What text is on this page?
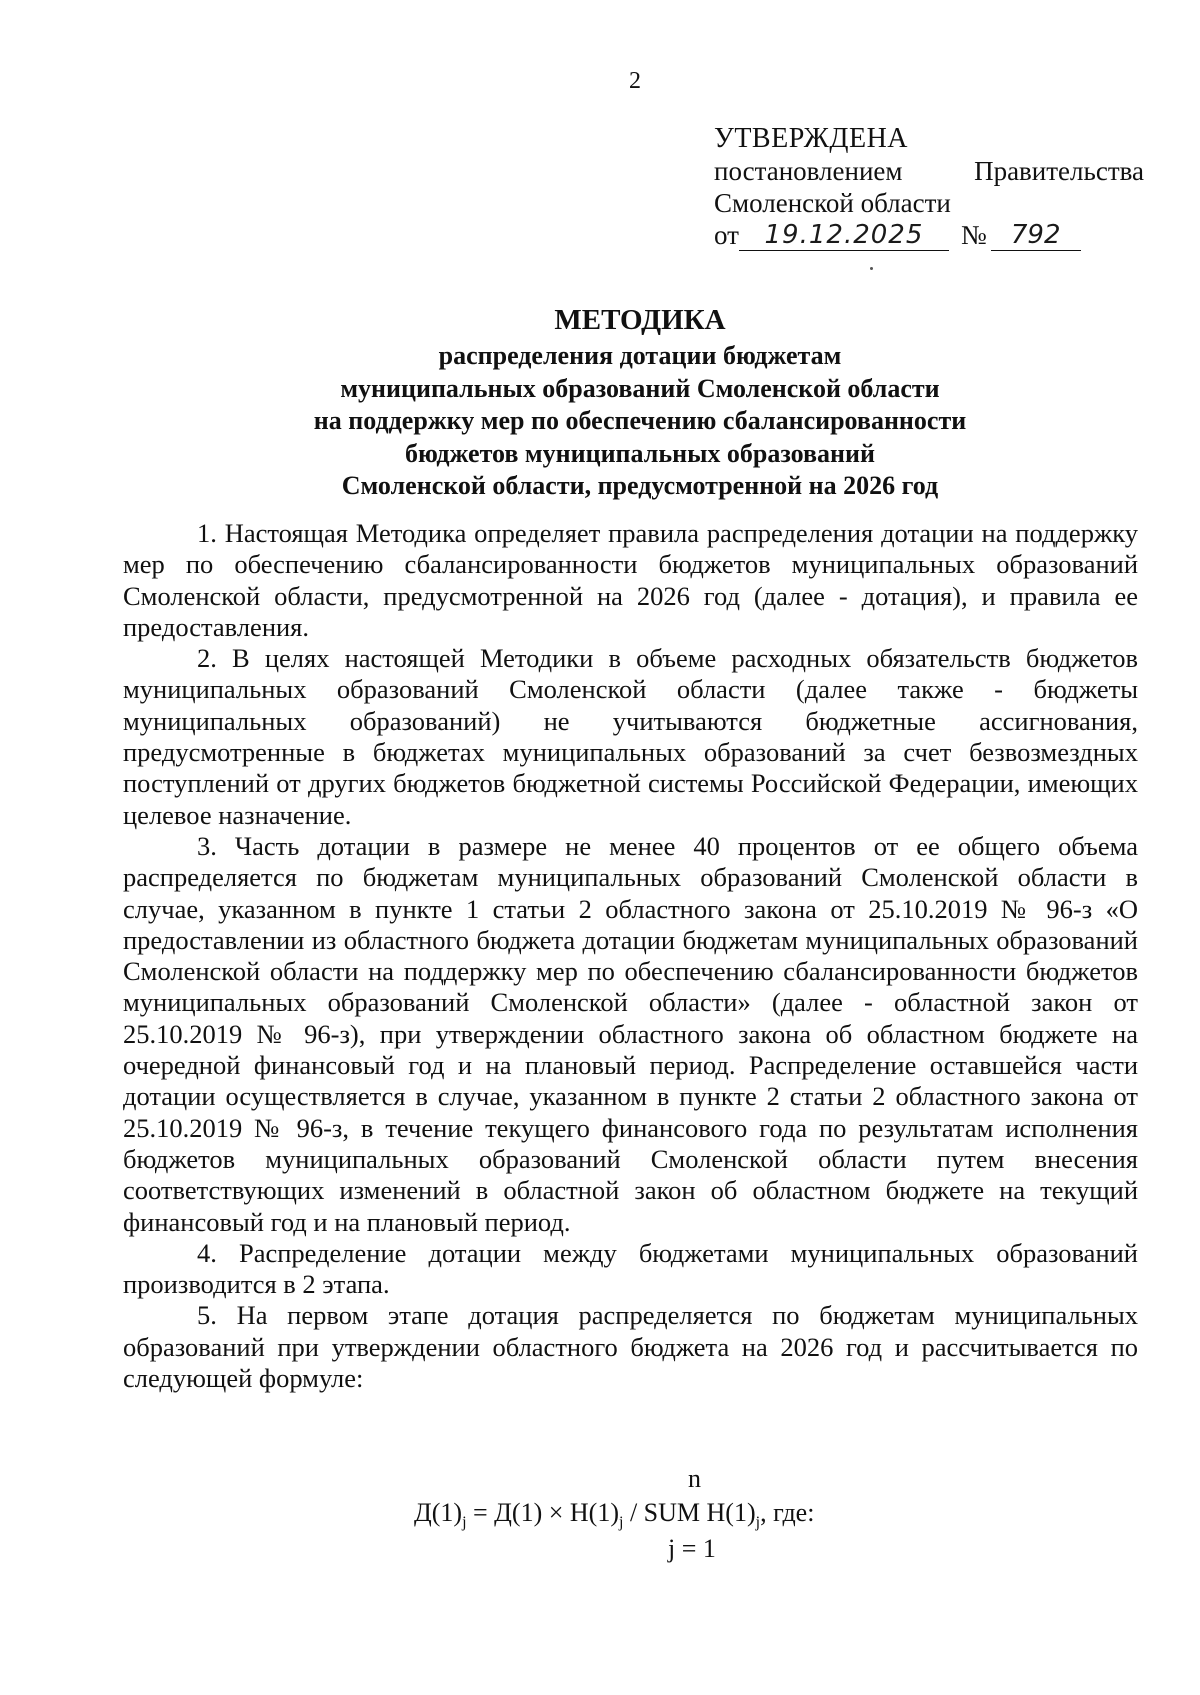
2
УТВЕРЖДЕНА
постановлением	Правительства
Смоленской области
от 19.12.2025	№ 792
МЕТОДИКА
распределения дотации бюджетам
муниципальных образований Смоленской области
на поддержку мер по обеспечению сбалансированности
бюджетов муниципальных образований
Смоленской области, предусмотренной на 2026 год

1. Настоящая Методика определяет правила распределения дотации на поддержку мер по обеспечению сбалансированности бюджетов муниципальных образований Смоленской области, предусмотренной на 2026 год (далее - дотация), и правила ее предоставления.

2. В целях настоящей Методики в объеме расходных обязательств бюджетов муниципальных образований Смоленской области (далее также - бюджеты муниципальных образований) не учитываются бюджетные ассигнования, предусмотренные в бюджетах муниципальных образований за счет безвозмездных поступлений от других бюджетов бюджетной системы Российской Федерации, имеющих целевое назначение.

3. Часть дотации в размере не менее 40 процентов от ее общего объема распределяется по бюджетам муниципальных образований Смоленской области в случае, указанном в пункте 1 статьи 2 областного закона от 25.10.2019 № 96-з «О предоставлении из областного бюджета дотации бюджетам муниципальных образований Смоленской области на поддержку мер по обеспечению сбалансированности бюджетов муниципальных образований Смоленской области» (далее - областной закон от 25.10.2019 № 96-з), при утверждении областного закона об областном бюджете на очередной финансовый год и на плановый период. Распределение оставшейся части дотации осуществляется в случае, указанном в пункте 2 статьи 2 областного закона от 25.10.2019 № 96-з, в течение текущего финансового года по результатам исполнения бюджетов муниципальных образований Смоленской области путем внесения соответствующих изменений в областной закон об областном бюджете на текущий финансовый год и на плановый период.

4. Распределение дотации между бюджетами муниципальных образований производится в 2 этапа.

5. На первом этапе дотация распределяется по бюджетам муниципальных образований при утверждении областного бюджета на 2026 год и рассчитывается по следующей формуле:

n
$Д(1)_j = Д(1) \times Н(1)_j$ / SUM $Н(1)_j$, где:
j = 1
